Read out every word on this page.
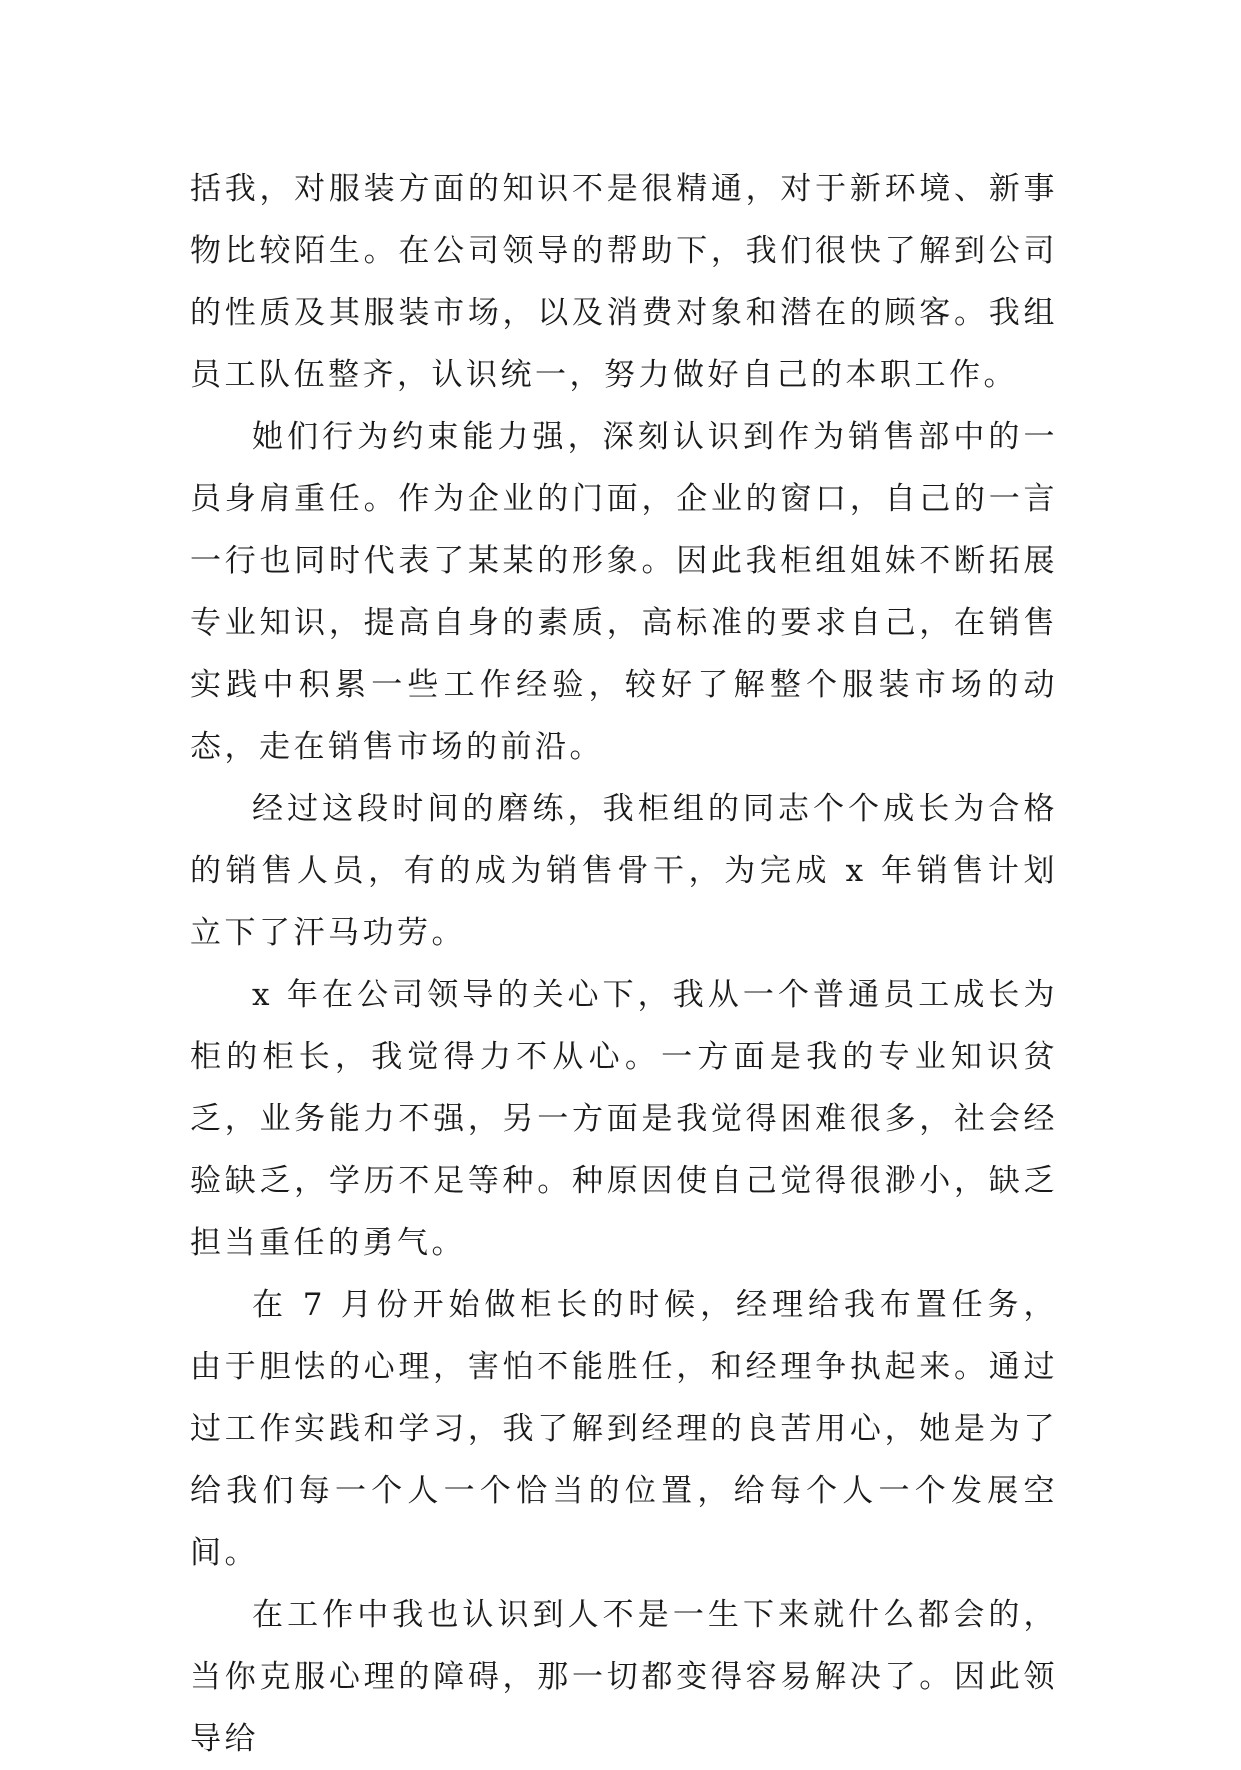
括我，对服装方面的知识不是很精通，对于新环境、新事物比较陌生。在公司领导的帮助下，我们很快了解到公司的性质及其服装市场，以及消费对象和潜在的顾客。我组员工队伍整齐，认识统一，努力做好自己的本职工作。

她们行为约束能力强，深刻认识到作为销售部中的一员身肩重任。作为企业的门面，企业的窗口，自己的一言一行也同时代表了某某的形象。因此我柜组姐妹不断拓展专业知识，提高自身的素质，高标准的要求自己，在销售实践中积累一些工作经验，较好了解整个服装市场的动态，走在销售市场的前沿。

经过这段时间的磨练，我柜组的同志个个成长为合格的销售人员，有的成为销售骨干，为完成 x 年销售计划立下了汗马功劳。

x 年在公司领导的关心下，我从一个普通员工成长为柜的柜长，我觉得力不从心。一方面是我的专业知识贫乏，业务能力不强，另一方面是我觉得困难很多，社会经验缺乏，学历不足等种。种原因使自己觉得很渺小，缺乏担当重任的勇气。

在 7 月份开始做柜长的时候，经理给我布置任务，由于胆怯的心理，害怕不能胜任，和经理争执起来。通过过工作实践和学习，我了解到经理的良苦用心，她是为了给我们每一个人一个恰当的位置，给每个人一个发展空间。

在工作中我也认识到人不是一生下来就什么都会的，当你克服心理的障碍，那一切都变得容易解决了。因此领导给
